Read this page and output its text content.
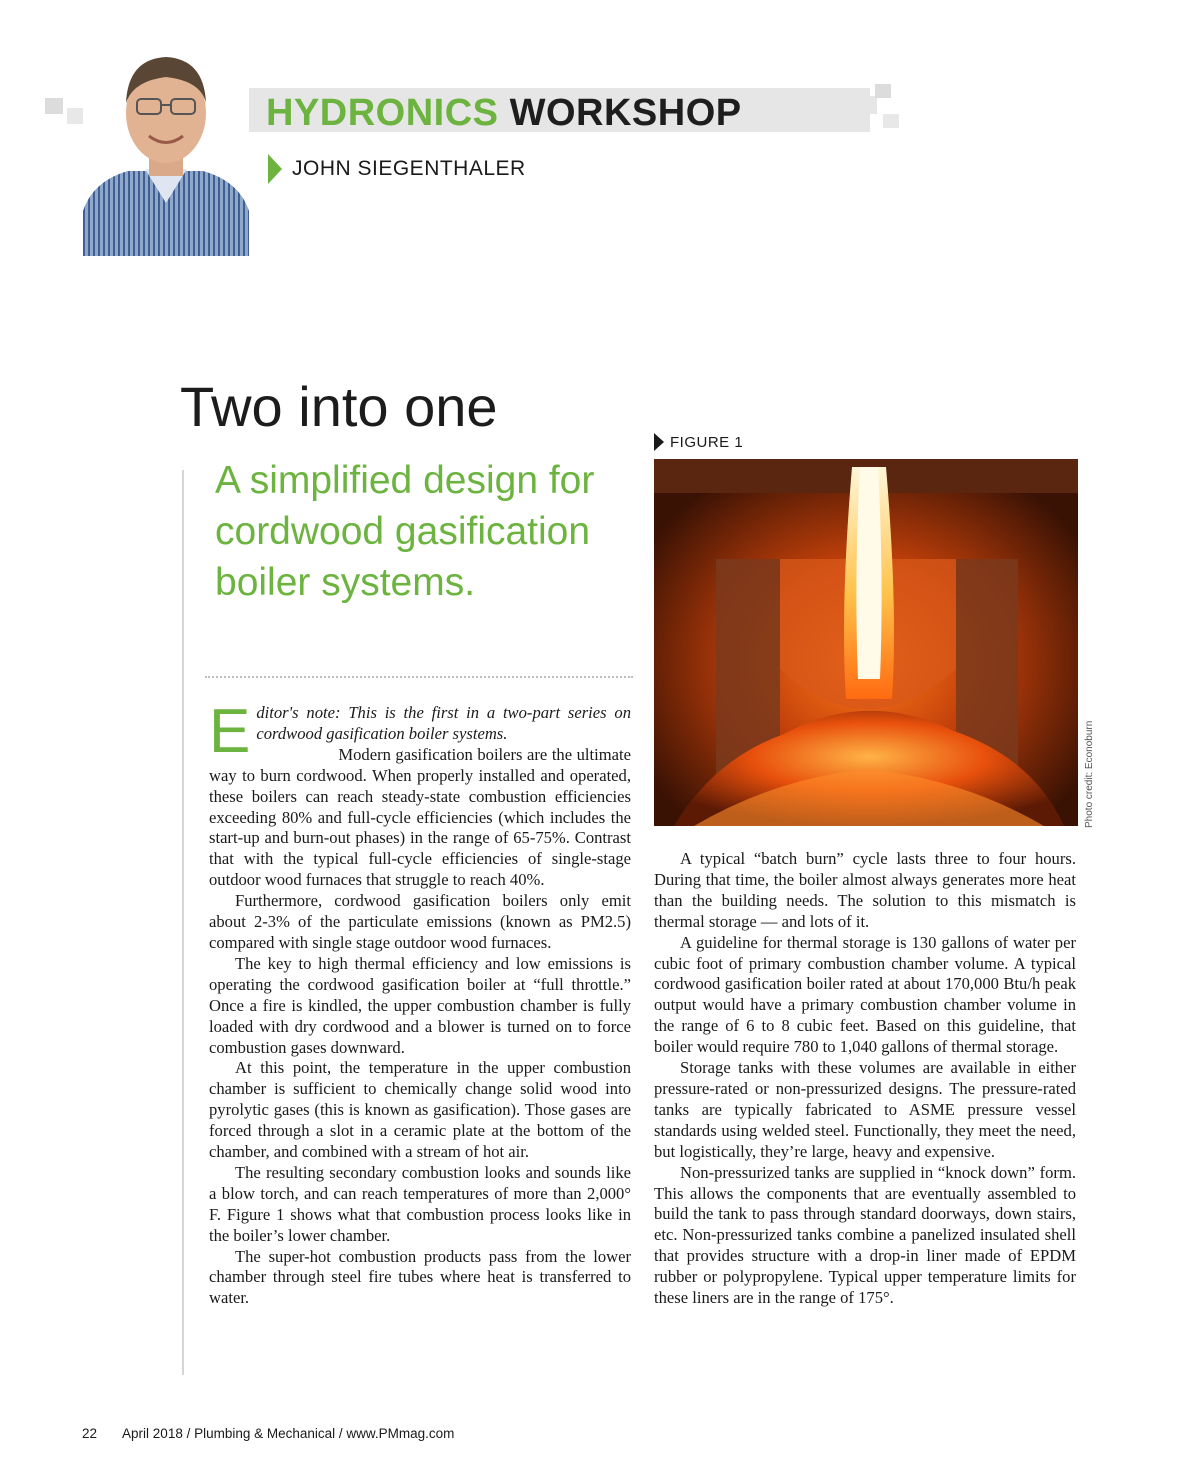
HYDRONICS WORKSHOP
JOHN SIEGENTHALER
Two into one
A simplified design for cordwood gasification boiler systems.
E ditor's note: This is the first in a two-part series on cordwood gasification boiler systems.

Modern gasification boilers are the ultimate way to burn cordwood. When properly installed and operated, these boilers can reach steady-state combustion efficiencies exceeding 80% and full-cycle efficiencies (which includes the start-up and burn-out phases) in the range of 65-75%. Contrast that with the typical full-cycle efficiencies of single-stage outdoor wood furnaces that struggle to reach 40%.

Furthermore, cordwood gasification boilers only emit about 2-3% of the particulate emissions (known as PM2.5) compared with single stage outdoor wood furnaces.

The key to high thermal efficiency and low emissions is operating the cordwood gasification boiler at “full throttle.” Once a fire is kindled, the upper combustion chamber is fully loaded with dry cordwood and a blower is turned on to force combustion gases downward.

At this point, the temperature in the upper combustion chamber is sufficient to chemically change solid wood into pyrolytic gases (this is known as gasification). Those gases are forced through a slot in a ceramic plate at the bottom of the chamber, and combined with a stream of hot air.

The resulting secondary combustion looks and sounds like a blow torch, and can reach temperatures of more than 2,000° F. Figure 1 shows what that combustion process looks like in the boiler’s lower chamber.

The super-hot combustion products pass from the lower chamber through steel fire tubes where heat is transferred to water.

FIGURE 1
Photo credit: Econoburn

A typical “batch burn” cycle lasts three to four hours. During that time, the boiler almost always generates more heat than the building needs. The solution to this mismatch is thermal storage — and lots of it.

A guideline for thermal storage is 130 gallons of water per cubic foot of primary combustion chamber volume. A typical cordwood gasification boiler rated at about 170,000 Btu/h peak output would have a primary combustion chamber volume in the range of 6 to 8 cubic feet. Based on this guideline, that boiler would require 780 to 1,040 gallons of thermal storage.

Storage tanks with these volumes are available in either pressure-rated or non-pressurized designs. The pressure-rated tanks are typically fabricated to ASME pressure vessel standards using welded steel. Functionally, they meet the need, but logistically, they’re large, heavy and expensive.

Non-pressurized tanks are supplied in “knock down” form. This allows the components that are eventually assembled to build the tank to pass through standard doorways, down stairs, etc. Non-pressurized tanks combine a panelized insulated shell that provides structure with a drop-in liner made of EPDM rubber or polypropylene. Typical upper temperature limits for these liners are in the range of 175°.

22 April 2018 / Plumbing & Mechanical / www.PMmag.com
